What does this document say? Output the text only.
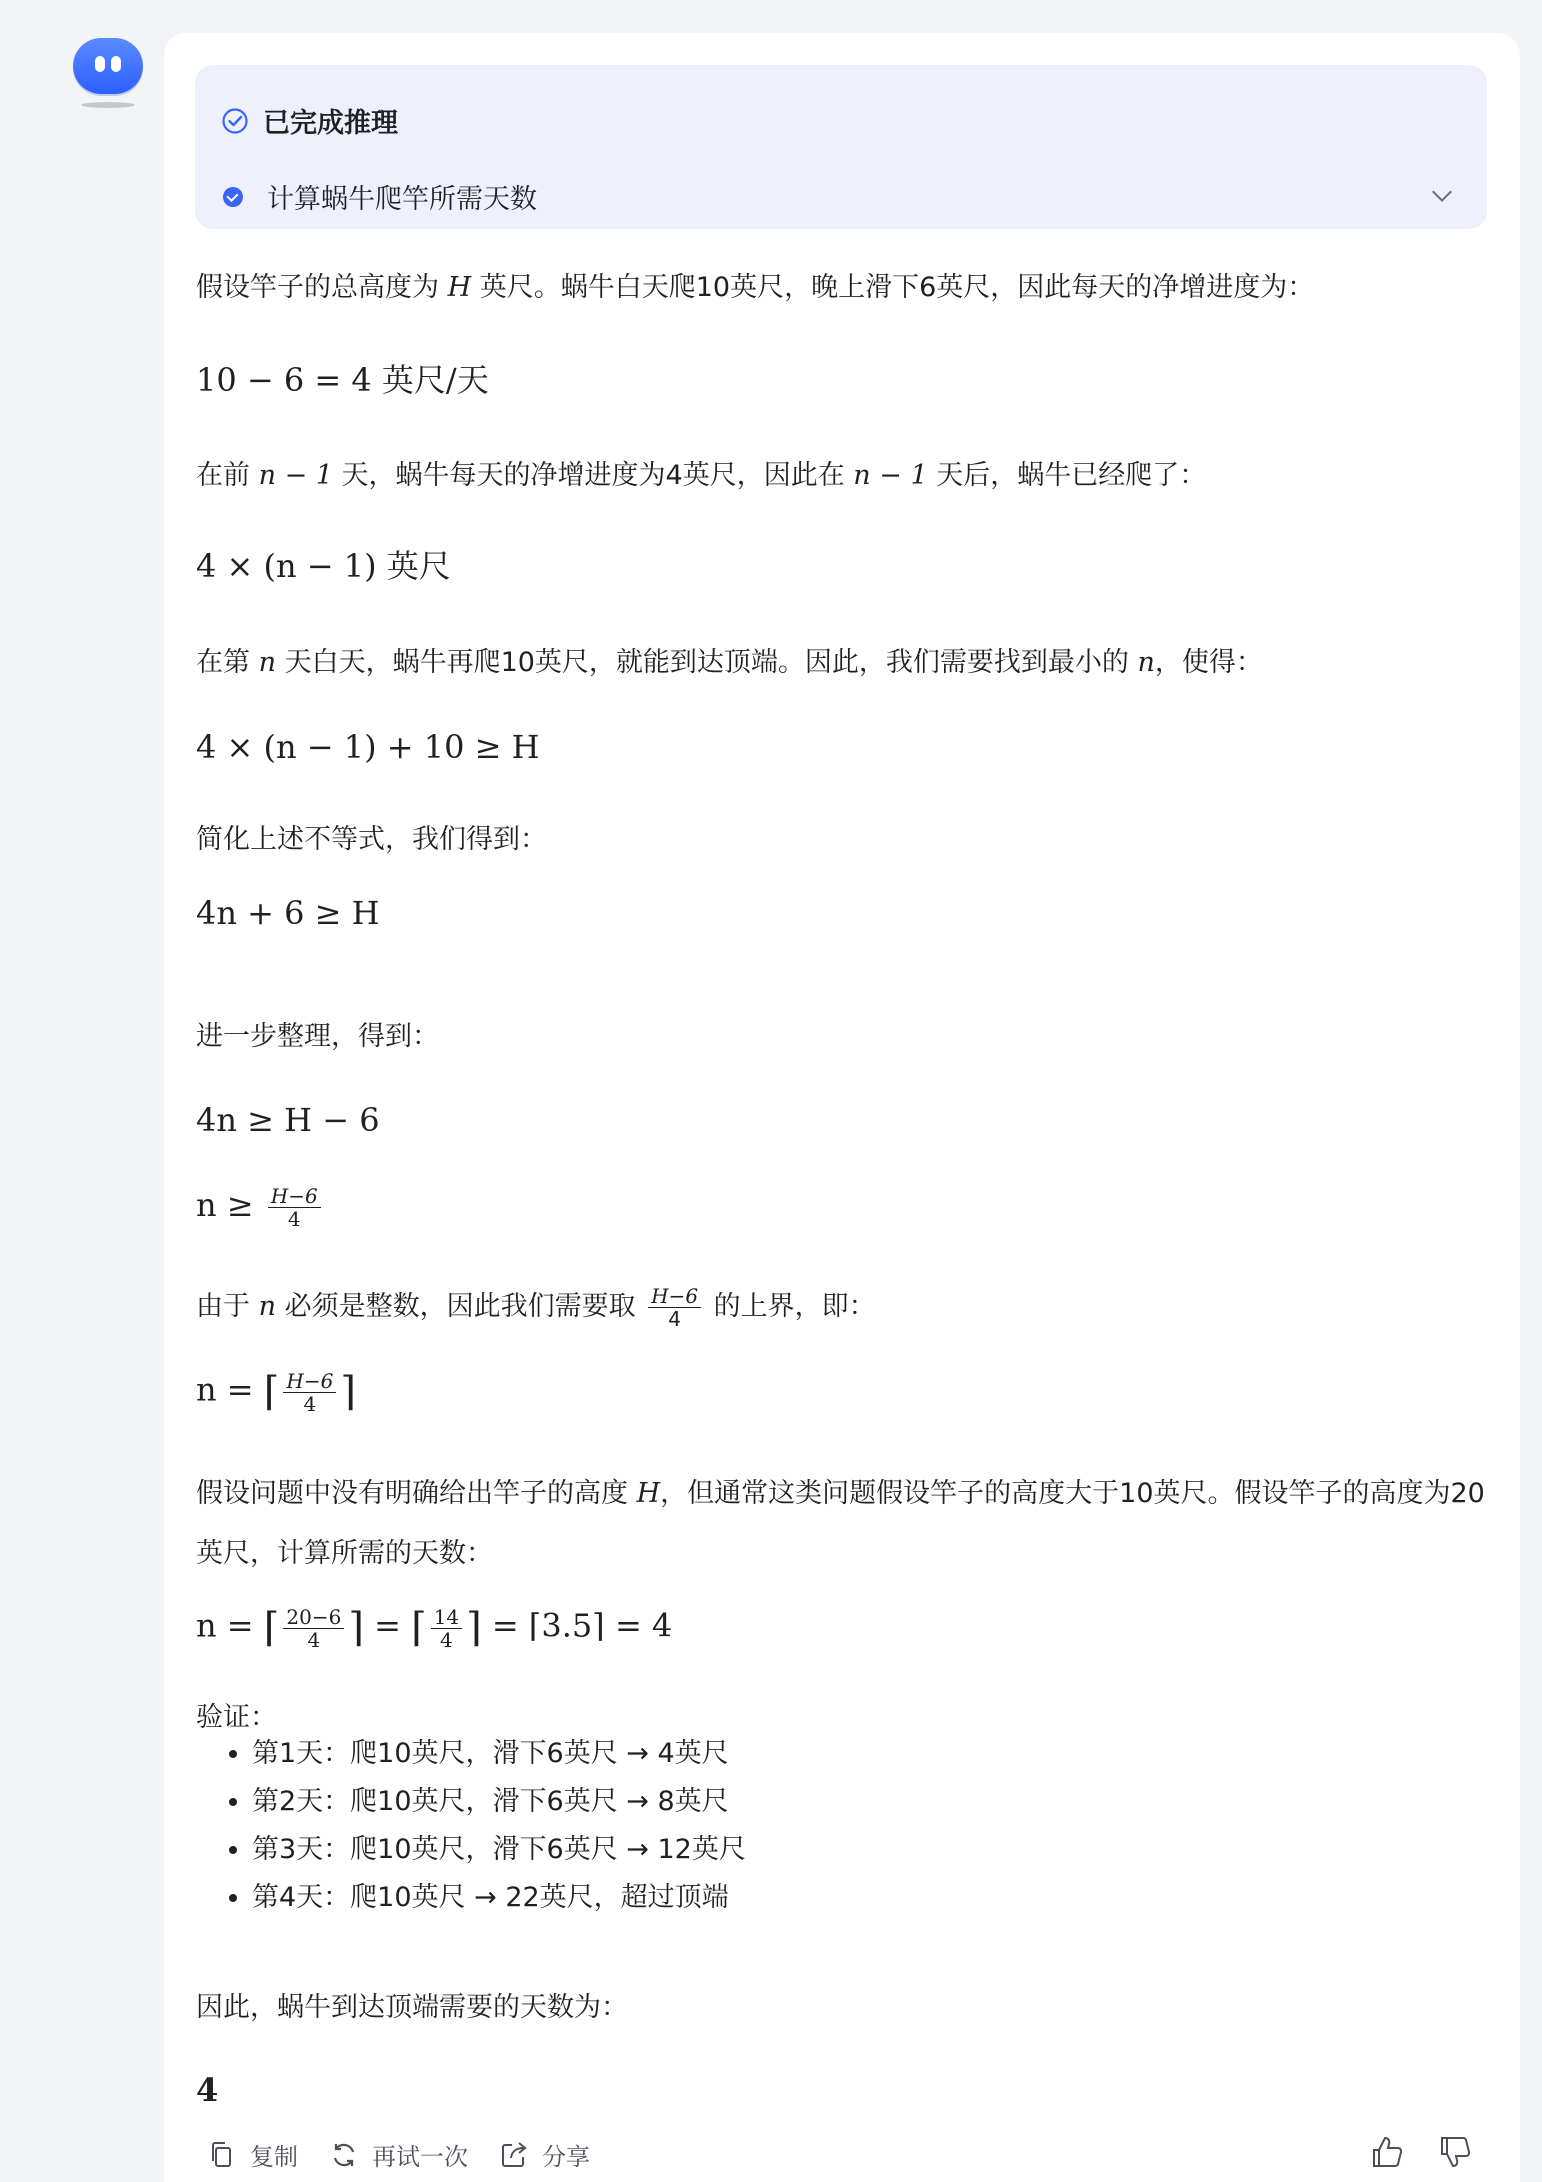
已完成推理
计算蜗牛爬竿所需天数
假设竿子的总高度为 H 英尺。蜗牛白天爬10英尺，晚上滑下6英尺，因此每天的净增进度为：
10 − 6 = 4 英尺/天
在前 n − 1 天，蜗牛每天的净增进度为4英尺，因此在 n − 1 天后，蜗牛已经爬了：
4 × (n − 1) 英尺
在第 n 天白天，蜗牛再爬10英尺，就能到达顶端。因此，我们需要找到最小的 n，使得：
4 × (n − 1) + 10 ≥ H
简化上述不等式，我们得到：
4n + 6 ≥ H
进一步整理，得到：
4n ≥ H − 6
$n \ge \frac{H-6}{4}$
由于 n 必须是整数，因此我们需要取 $\frac{H-6}{4}$ 的上界，即：
n = ⌈ $\frac{H-6}{4}$ ⌉
假设问题中没有明确给出竿子的高度 H，但通常这类问题假设竿子的高度大于10英尺。假设竿子的高度为20英尺，计算所需的天数：
n = ⌈ $\frac{20-6}{4}$ ⌉ = ⌈ $\frac{14}{4}$ ⌉ = ⌈3.5⌉ = 4
验证：
• 第1天：爬10英尺，滑下6英尺 → 4英尺
• 第2天：爬10英尺，滑下6英尺 → 8英尺
• 第3天：爬10英尺，滑下6英尺 → 12英尺
• 第4天：爬10英尺 → 22英尺，超过顶端
因此，蜗牛到达顶端需要的天数为：
4
复制	再试一次	分享
